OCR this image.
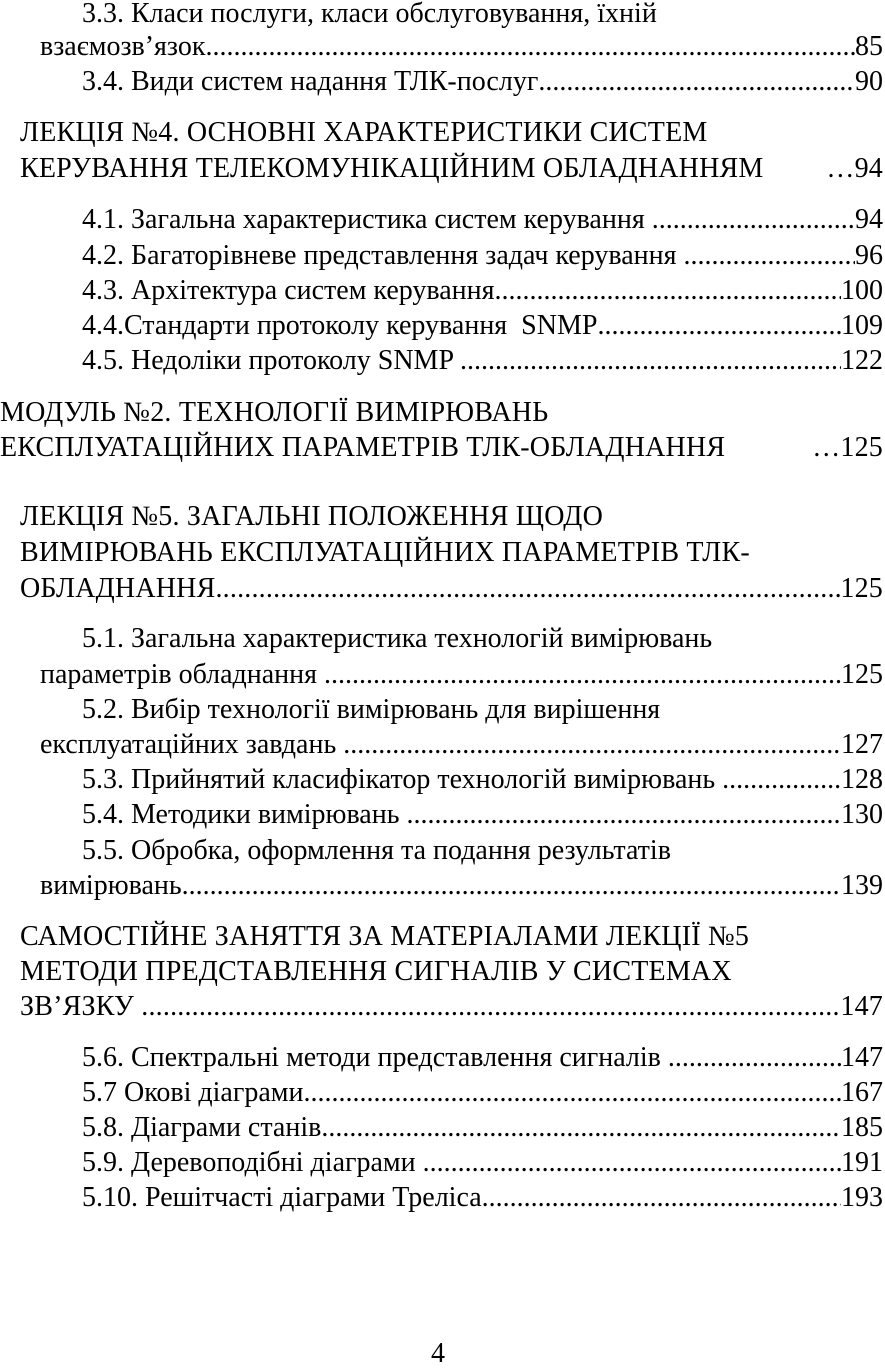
3.3. Класи послуги, класи обслуговування, їхній
взаємозв’язок .....	85
3.4. Види систем надання ТЛК-послуг .....	90
ЛЕКЦІЯ №4. ОСНОВНІ ХАРАКТЕРИСТИКИ СИСТЕМ
КЕРУВАННЯ ТЕЛЕКОМУНІКАЦІЙНИМ ОБЛАДНАННЯМ …	94
4.1. Загальна характеристика систем керування .....	94
4.2. Багаторівневе представлення задач керування .....	96
4.3. Архітектура систем керування .....	100
4.4.Стандарти протоколу керування  SNMP .....	109
4.5. Недоліки протоколу SNMP .....	122
МОДУЛЬ №2. ТЕХНОЛОГІЇ ВИМІРЮВАНЬ
ЕКСПЛУАТАЦІЙНИХ ПАРАМЕТРІВ ТЛК-ОБЛАДНАННЯ …	125
ЛЕКЦІЯ №5. ЗАГАЛЬНІ ПОЛОЖЕННЯ ЩОДО
ВИМІРЮВАНЬ ЕКСПЛУАТАЦІЙНИХ ПАРАМЕТРІВ ТЛК-
ОБЛАДНАННЯ .....	125
5.1. Загальна характеристика технологій вимірювань
параметрів обладнання .....	125
5.2. Вибір технології вимірювань для вирішення
експлуатаційних завдань .....	127
5.3. Прийнятий класифікатор технологій вимірювань .....	128
5.4. Методики вимірювань .....	130
5.5. Обробка, оформлення та подання результатів
вимірювань .....	139
САМОСТІЙНЕ ЗАНЯТТЯ ЗА МАТЕРІАЛАМИ ЛЕКЦІЇ №5
МЕТОДИ ПРЕДСТАВЛЕННЯ СИГНАЛІВ У СИСТЕМАХ
ЗВ’ЯЗКУ .....	147
5.6. Спектральні методи представлення сигналів .....	147
5.7 Окові діаграми .....	167
5.8. Діаграми станів .....	185
5.9. Деревоподібні діаграми .....	191
5.10. Решітчасті діаграми Треліса .....	193
4
